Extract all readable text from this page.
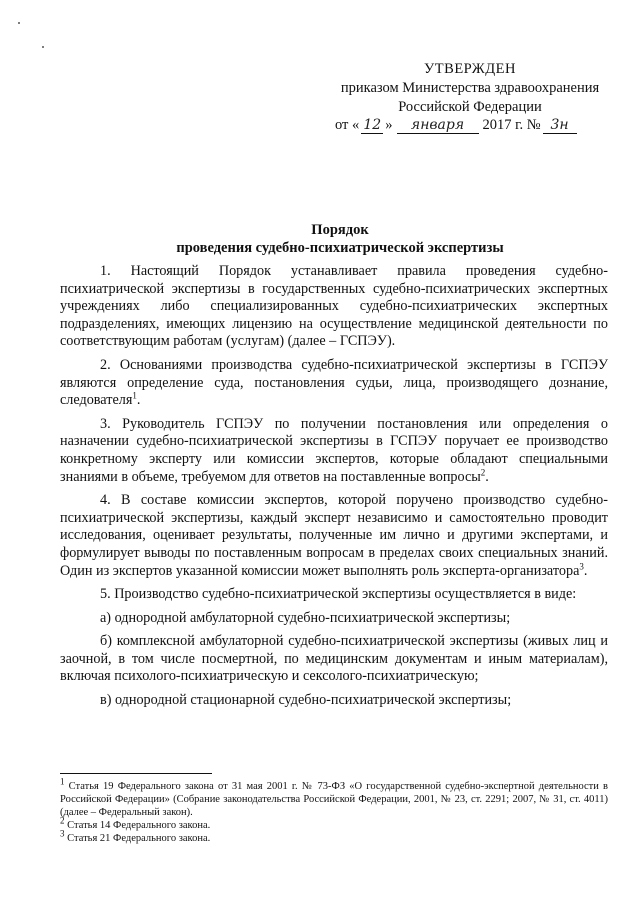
УТВЕРЖДЕН
приказом Министерства здравоохранения
Российской Федерации
от « 12 » января 2017 г. № 3н
Порядок
проведения судебно-психиатрической экспертизы

1. Настоящий Порядок устанавливает правила проведения судебно-психиатрической экспертизы в государственных судебно-психиатрических экспертных учреждениях либо специализированных судебно-психиатрических экспертных подразделениях, имеющих лицензию на осуществление медицинской деятельности по соответствующим работам (услугам) (далее – ГСПЭУ).

2. Основаниями производства судебно-психиатрической экспертизы в ГСПЭУ являются определение суда, постановления судьи, лица, производящего дознание, следователя$^1$.

3. Руководитель ГСПЭУ по получении постановления или определения о назначении судебно-психиатрической экспертизы в ГСПЭУ поручает ее производство конкретному эксперту или комиссии экспертов, которые обладают специальными знаниями в объеме, требуемом для ответов на поставленные вопросы$^2$.

4. В составе комиссии экспертов, которой поручено производство судебно-психиатрической экспертизы, каждый эксперт независимо и самостоятельно проводит исследования, оценивает результаты, полученные им лично и другими экспертами, и формулирует выводы по поставленным вопросам в пределах своих специальных знаний. Один из экспертов указанной комиссии может выполнять роль эксперта-организатора$^3$.

5. Производство судебно-психиатрической экспертизы осуществляется в виде:

а) однородной амбулаторной судебно-психиатрической экспертизы;

б) комплексной амбулаторной судебно-психиатрической экспертизы (живых лиц и заочной, в том числе посмертной, по медицинским документам и иным материалам), включая психолого-психиатрическую и сексолого-психиатрическую;

в) однородной стационарной судебно-психиатрической экспертизы;

$^1$ Статья 19 Федерального закона от 31 мая 2001 г. № 73-ФЗ «О государственной судебно-экспертной деятельности в Российской Федерации» (Собрание законодательства Российской Федерации, 2001, № 23, ст. 2291; 2007, № 31, ст. 4011) (далее – Федеральный закон).
$^2$ Статья 14 Федерального закона.
$^3$ Статья 21 Федерального закона.
